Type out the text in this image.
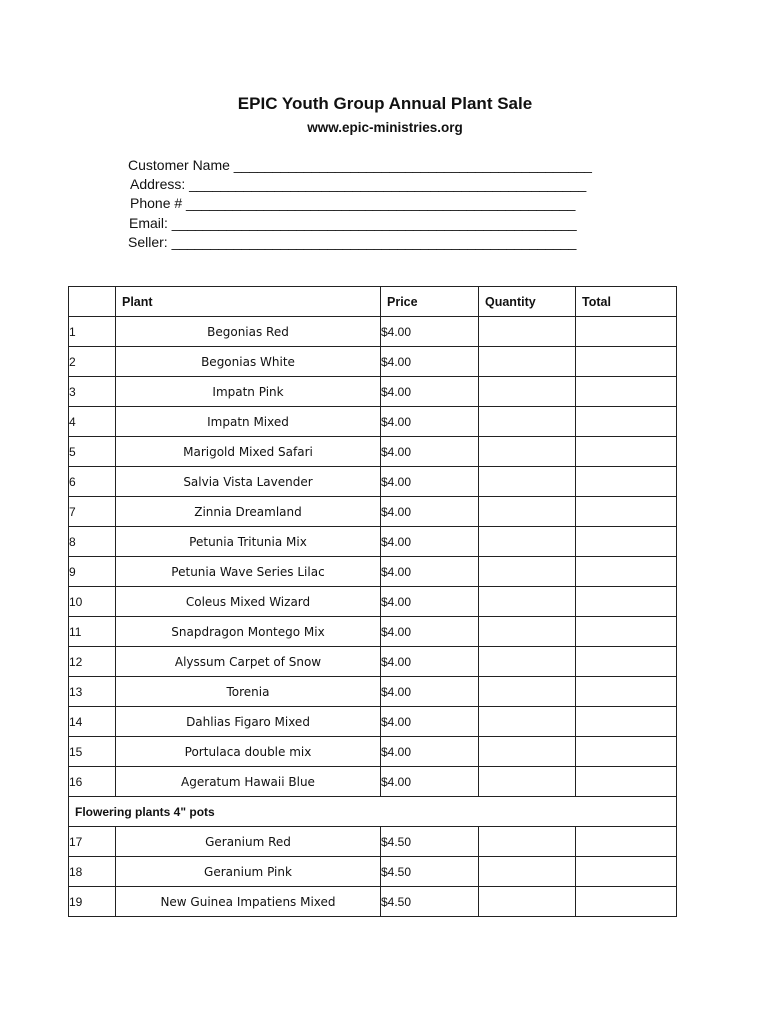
EPIC Youth Group Annual Plant Sale
www.epic-ministries.org
Customer Name ______________________________________________
Address: ___________________________________________________
Phone # __________________________________________________
Email: ____________________________________________________
Seller: ____________________________________________________
	Plant	Price	Quantity	Total
1	Begonias Red	$4.00		
2	Begonias White	$4.00		
3	Impatn Pink	$4.00		
4	Impatn Mixed	$4.00		
5	Marigold Mixed Safari	$4.00		
6	Salvia Vista Lavender	$4.00		
7	Zinnia Dreamland	$4.00		
8	Petunia Tritunia Mix	$4.00		
9	Petunia Wave Series Lilac	$4.00		
10	Coleus Mixed Wizard	$4.00		
11	Snapdragon Montego Mix	$4.00		
12	Alyssum Carpet of Snow	$4.00		
13	Torenia	$4.00		
14	Dahlias Figaro Mixed	$4.00		
15	Portulaca double mix	$4.00		
16	Ageratum Hawaii Blue	$4.00		
Flowering plants 4" pots				
17	Geranium Red	$4.50		
18	Geranium Pink	$4.50		
19	New Guinea Impatiens Mixed	$4.50		
